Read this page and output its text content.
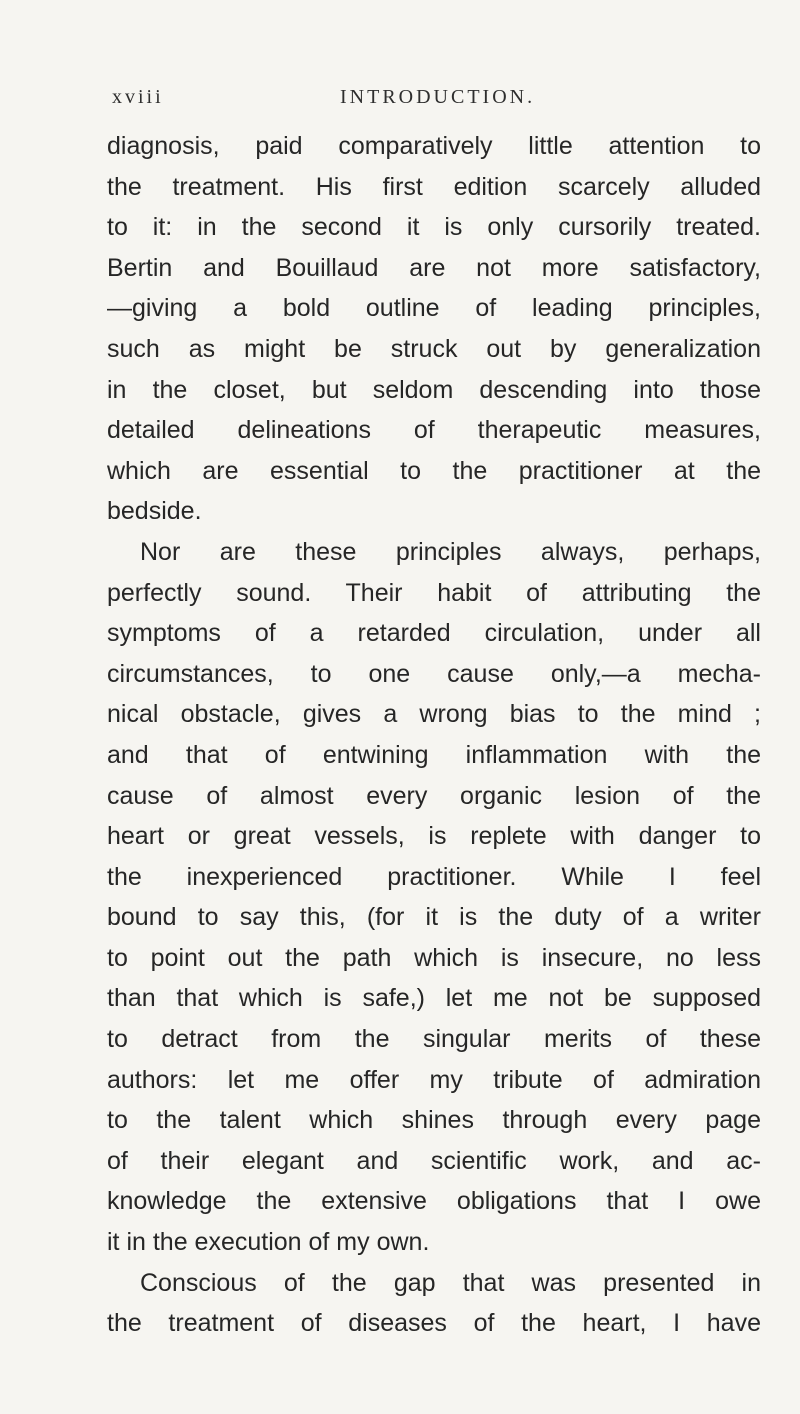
xviii	INTRODUCTION.
diagnosis, paid comparatively little attention to
the treatment. His first edition scarcely alluded
to it: in the second it is only cursorily treated.
Bertin and Bouillaud are not more satisfactory,
—giving a bold outline of leading principles,
such as might be struck out by generalization
in the closet, but seldom descending into those
detailed delineations of therapeutic measures,
which are essential to the practitioner at the
bedside.
Nor are these principles always, perhaps,
perfectly sound. Their habit of attributing the
symptoms of a retarded circulation, under all
circumstances, to one cause only,—a mecha-
nical obstacle, gives a wrong bias to the mind ;
and that of entwining inflammation with the
cause of almost every organic lesion of the
heart or great vessels, is replete with danger to
the inexperienced practitioner. While I feel
bound to say this, (for it is the duty of a writer
to point out the path which is insecure, no less
than that which is safe,) let me not be supposed
to detract from the singular merits of these
authors: let me offer my tribute of admiration
to the talent which shines through every page
of their elegant and scientific work, and ac-
knowledge the extensive obligations that I owe
it in the execution of my own.
Conscious of the gap that was presented in
the treatment of diseases of the heart, I have
